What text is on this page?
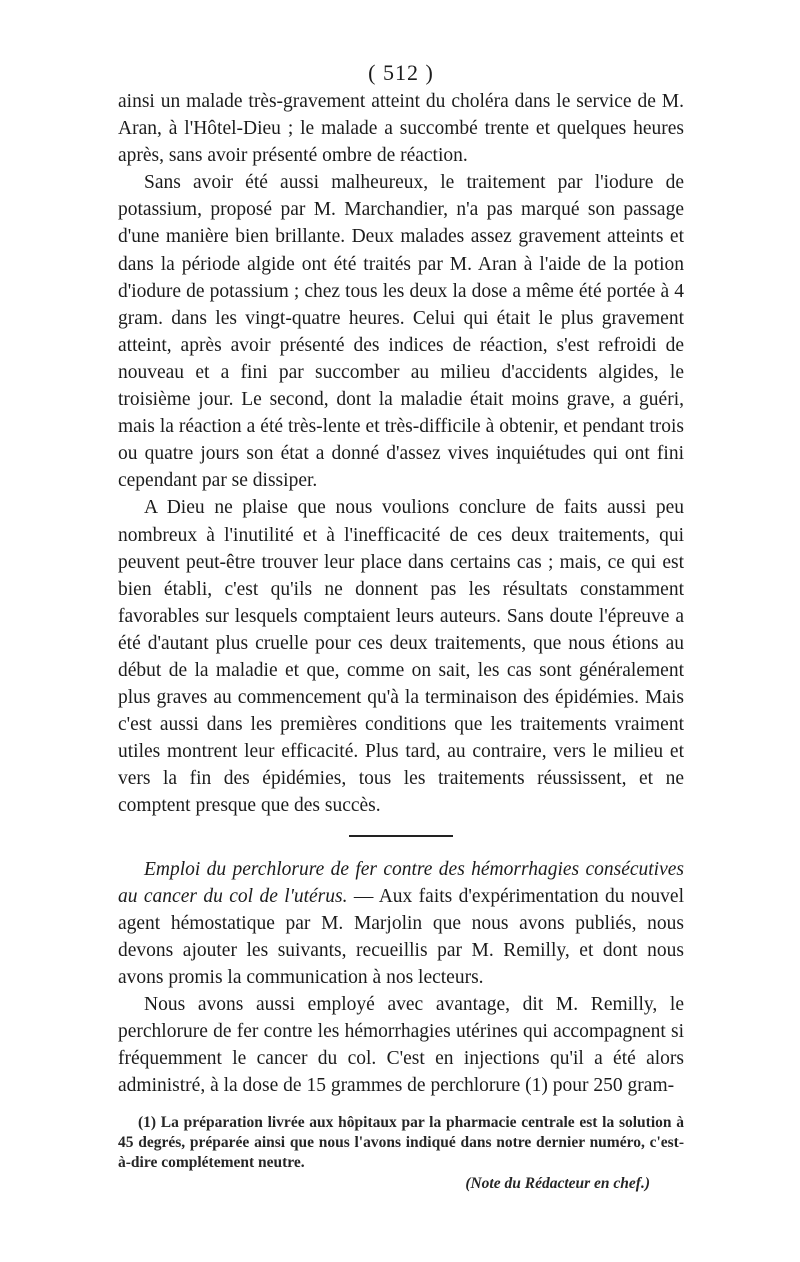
( 512 )

ainsi un malade très-gravement atteint du choléra dans le service de M. Aran, à l'Hôtel-Dieu ; le malade a succombé trente et quelques heures après, sans avoir présenté ombre de réaction.

Sans avoir été aussi malheureux, le traitement par l'iodure de potassium, proposé par M. Marchandier, n'a pas marqué son passage d'une manière bien brillante. Deux malades assez gravement atteints et dans la période algide ont été traités par M. Aran à l'aide de la potion d'iodure de potassium ; chez tous les deux la dose a même été portée à 4 gram. dans les vingt-quatre heures. Celui qui était le plus gravement atteint, après avoir présenté des indices de réaction, s'est refroidi de nouveau et a fini par succomber au milieu d'accidents algides, le troisième jour. Le second, dont la maladie était moins grave, a guéri, mais la réaction a été très-lente et très-difficile à obtenir, et pendant trois ou quatre jours son état a donné d'assez vives inquiétudes qui ont fini cependant par se dissiper.

A Dieu ne plaise que nous voulions conclure de faits aussi peu nombreux à l'inutilité et à l'inefficacité de ces deux traitements, qui peuvent peut-être trouver leur place dans certains cas ; mais, ce qui est bien établi, c'est qu'ils ne donnent pas les résultats constamment favorables sur lesquels comptaient leurs auteurs. Sans doute l'épreuve a été d'autant plus cruelle pour ces deux traitements, que nous étions au début de la maladie et que, comme on sait, les cas sont généralement plus graves au commencement qu'à la terminaison des épidémies. Mais c'est aussi dans les premières conditions que les traitements vraiment utiles montrent leur efficacité. Plus tard, au contraire, vers le milieu et vers la fin des épidémies, tous les traitements réussissent, et ne comptent presque que des succès.

Emploi du perchlorure de fer contre des hémorrhagies consécutives au cancer du col de l'utérus. — Aux faits d'expérimentation du nouvel agent hémostatique par M. Marjolin que nous avons publiés, nous devons ajouter les suivants, recueillis par M. Remilly, et dont nous avons promis la communication à nos lecteurs.

Nous avons aussi employé avec avantage, dit M. Remilly, le perchlorure de fer contre les hémorrhagies utérines qui accompagnent si fréquemment le cancer du col. C'est en injections qu'il a été alors administré, à la dose de 15 grammes de perchlorure (1) pour 250 gram-

(1) La préparation livrée aux hôpitaux par la pharmacie centrale est la solution à 45 degrés, préparée ainsi que nous l'avons indiqué dans notre dernier numéro, c'est-à-dire complétement neutre.

(Note du Rédacteur en chef.)
